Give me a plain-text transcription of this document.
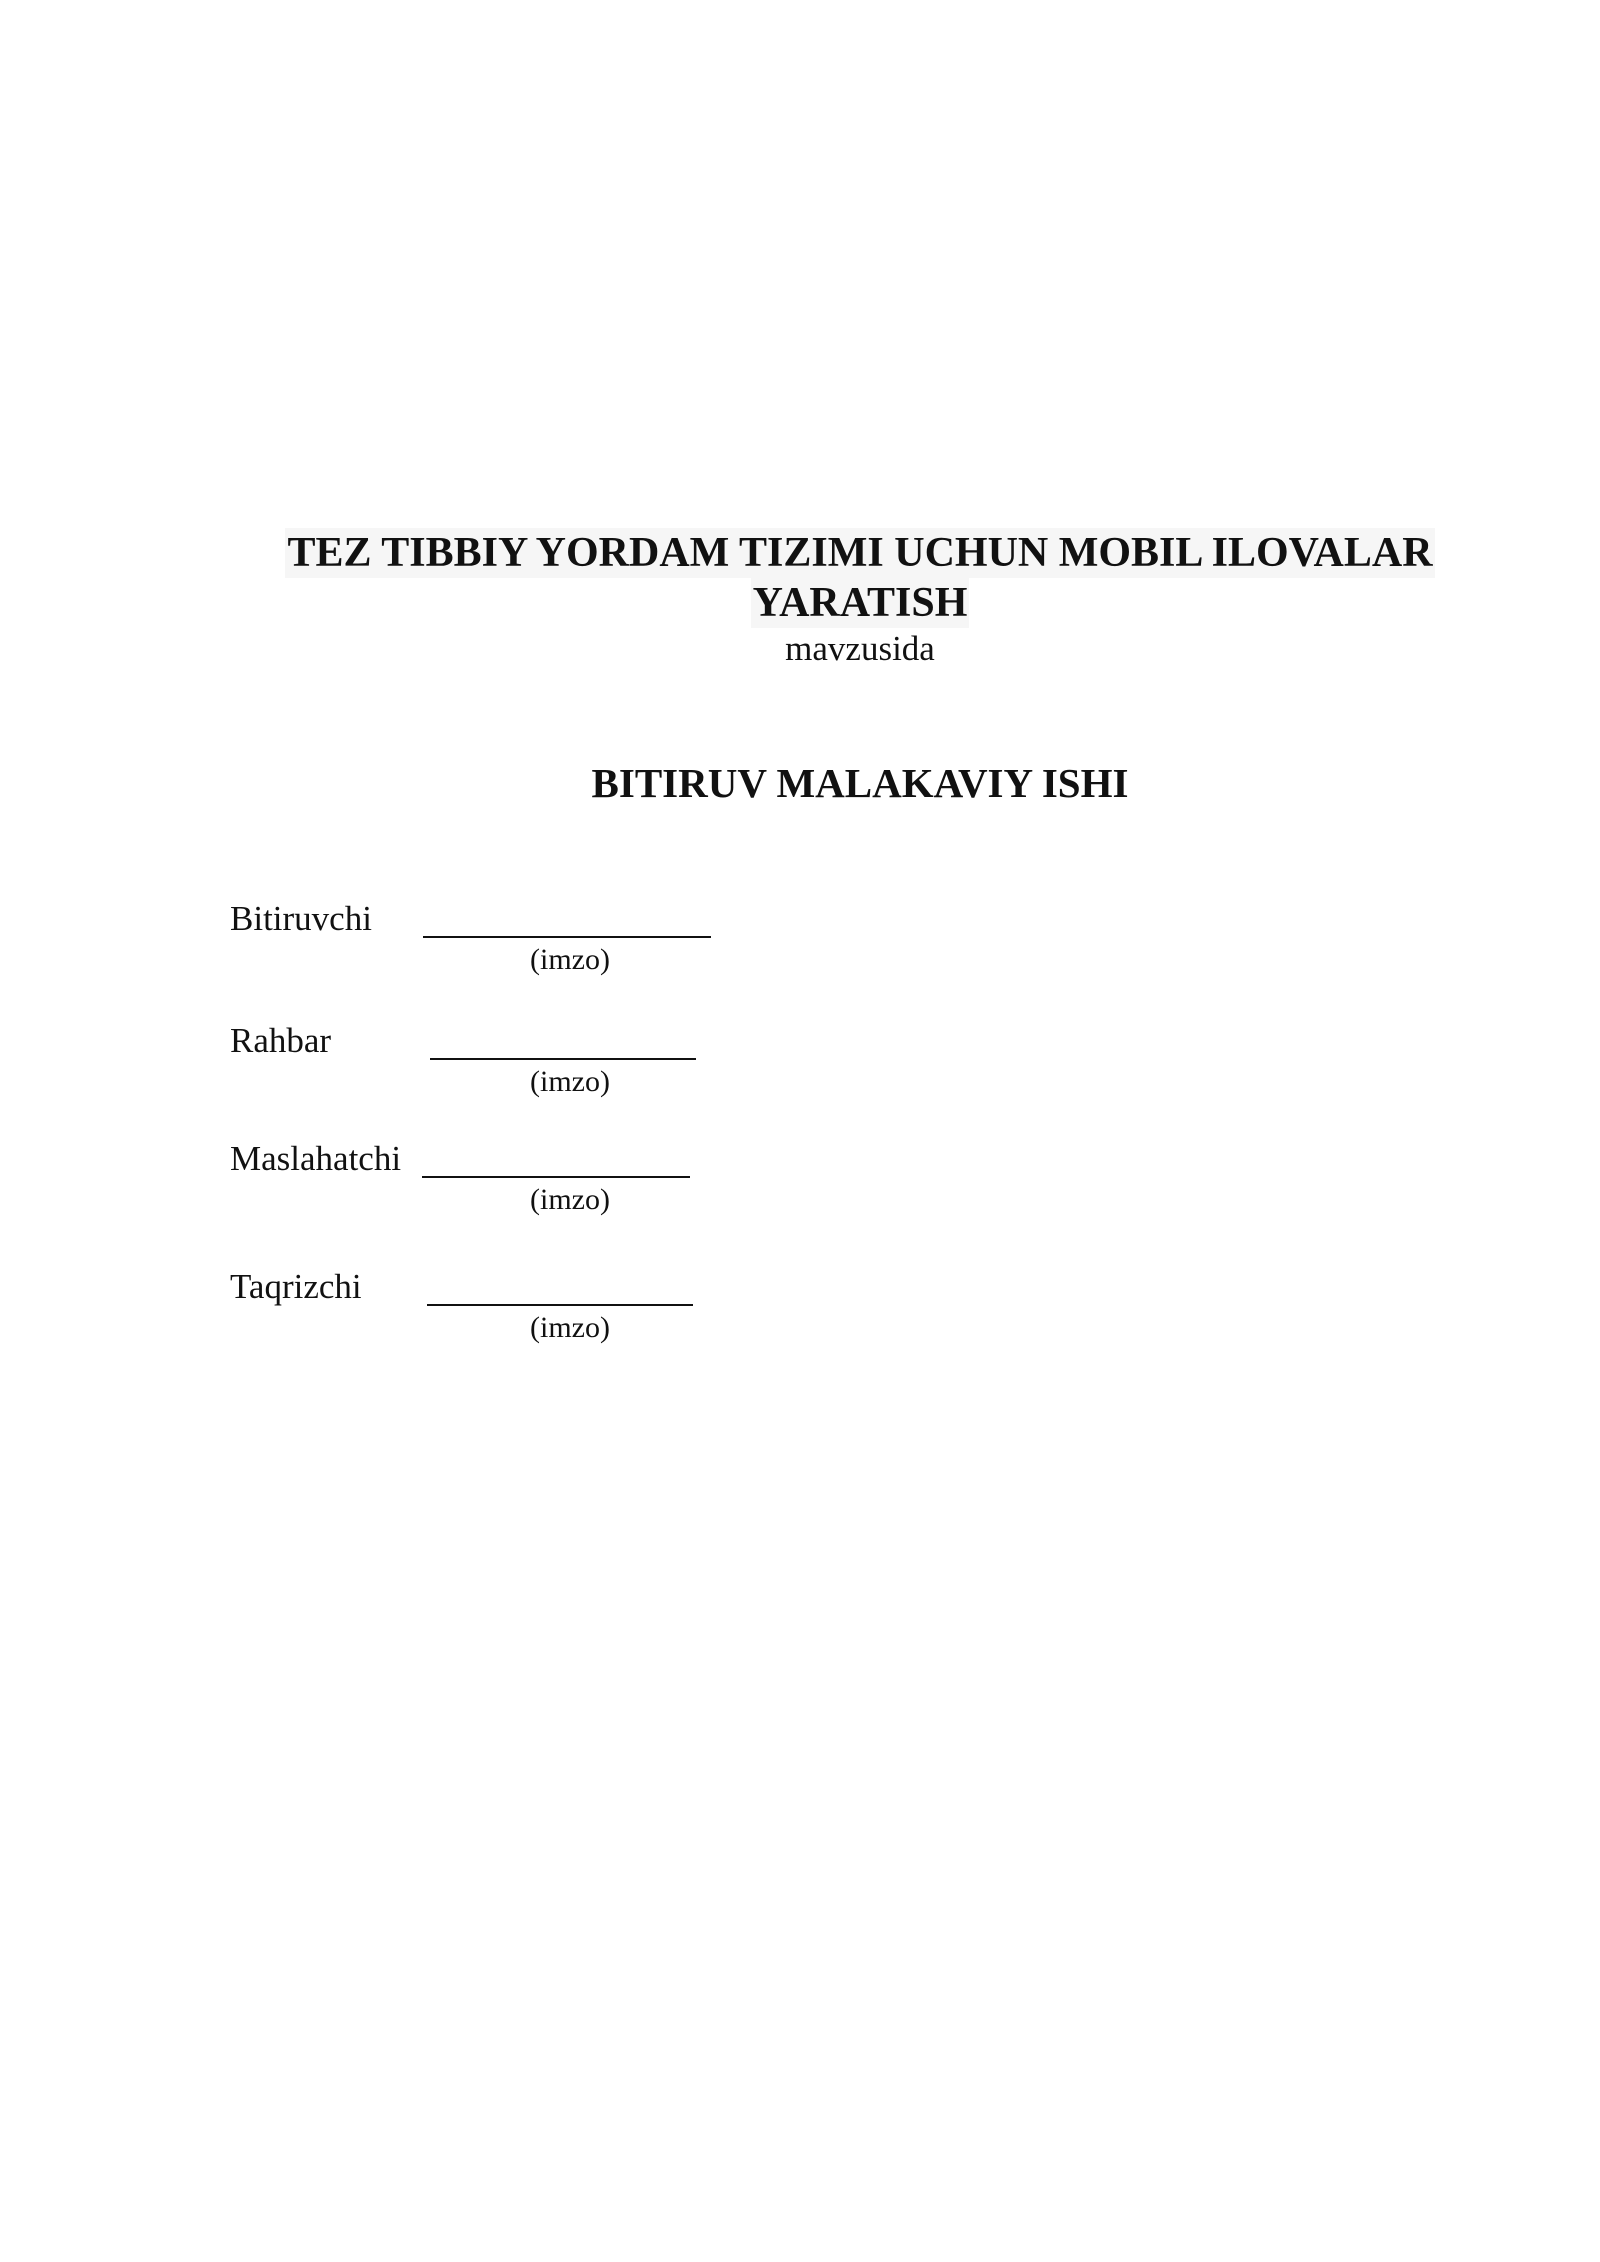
TEZ TIBBIY YORDAM TIZIMI UCHUN MOBIL ILOVALAR
YARATISH
mavzusida
BITIRUV MALAKAVIY ISHI
Bitiruvchi
(imzo)
Rahbar
(imzo)
Maslahatchi
(imzo)
Taqrizchi
(imzo)
